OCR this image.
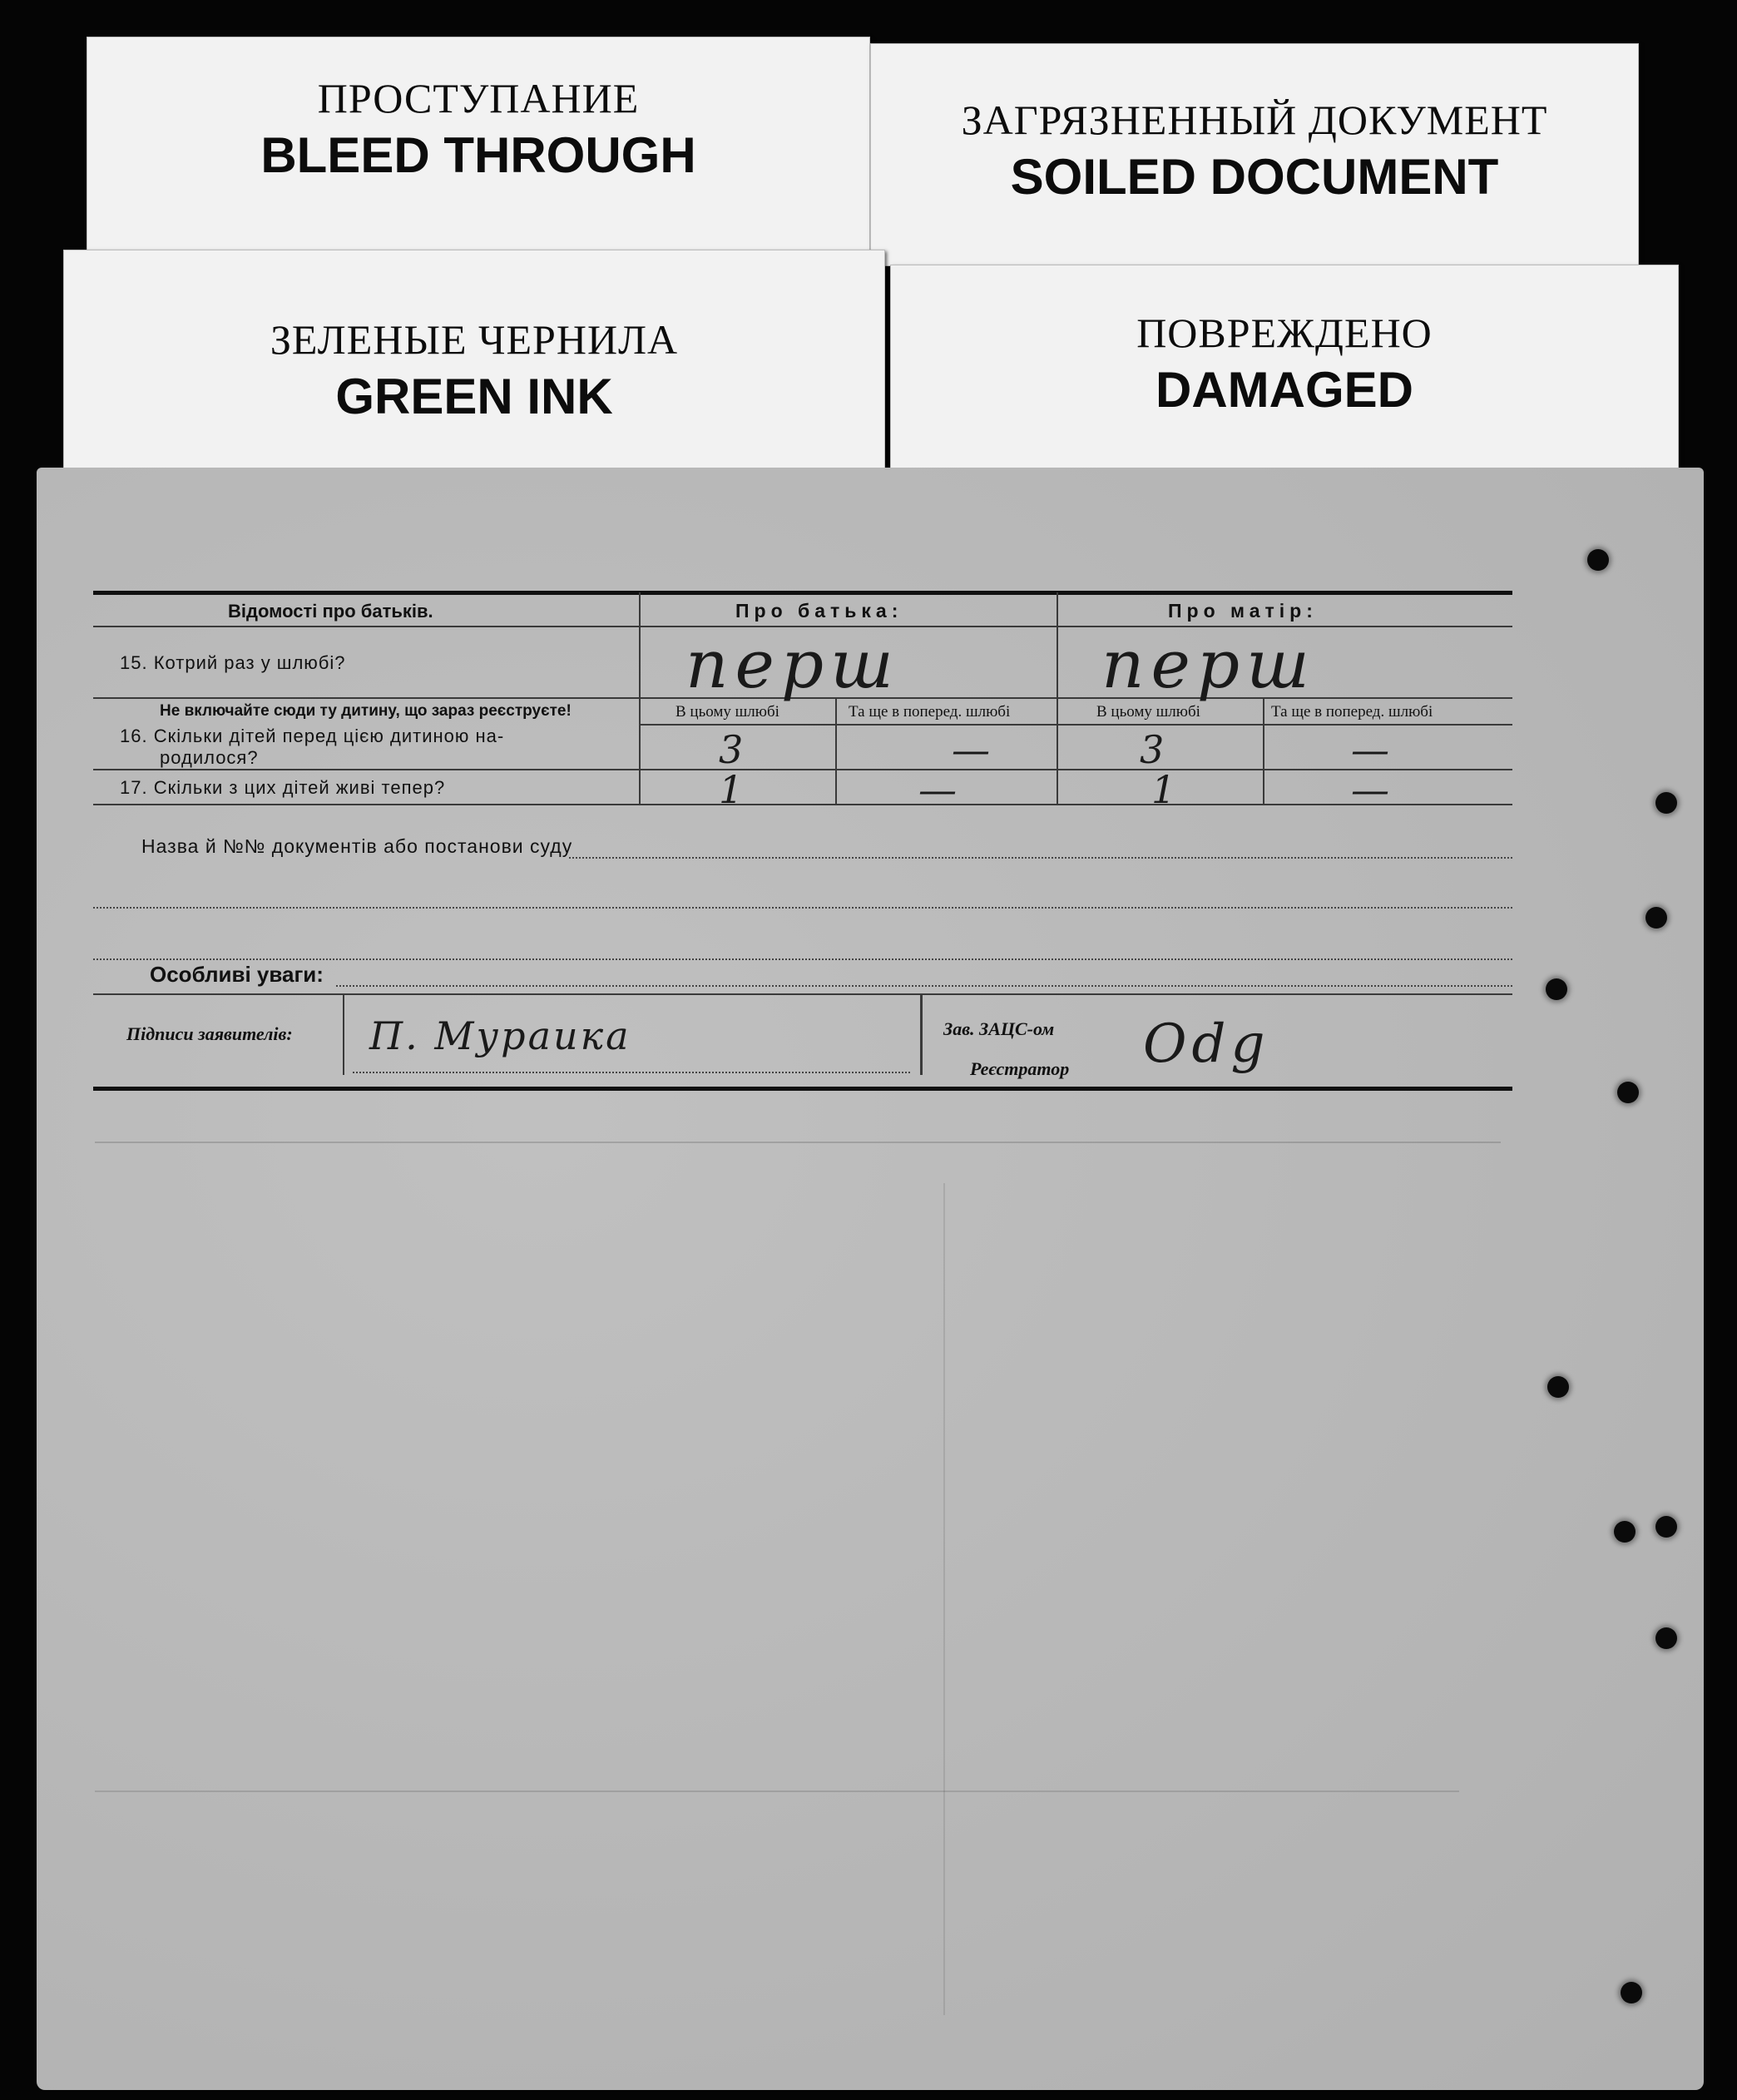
ПРОСТУПАНИЕ
BLEED THROUGH
ЗАГРЯЗНЕННЫЙ ДОКУМЕНТ
SOILED DOCUMENT
ЗЕЛЕНЫЕ ЧЕРНИЛА
GREEN INK
ПОВРЕЖДЕНО
DAMAGED
Відомості про батьків.	Про батька:	Про матір:
15. Котрий раз у шлюбі?	перш	перш
Не включайте сюди ту дитину, що зараз реєструєте!	В цьому шлюбі	Та ще в поперед. шлюбі	В цьому шлюбі	Та ще в поперед. шлюбі
16. Скільки дітей перед цією дитиною на-
родилося?	3	—	3	—
17. Скільки з цих дітей живі тепер?	1	—	1	—
Назва й №№ документів або постанови суду
Особливі уваги:
Підписи заявителів: П. Мураика	Зав. ЗАЦС-ом
Реєстратор Оdg
